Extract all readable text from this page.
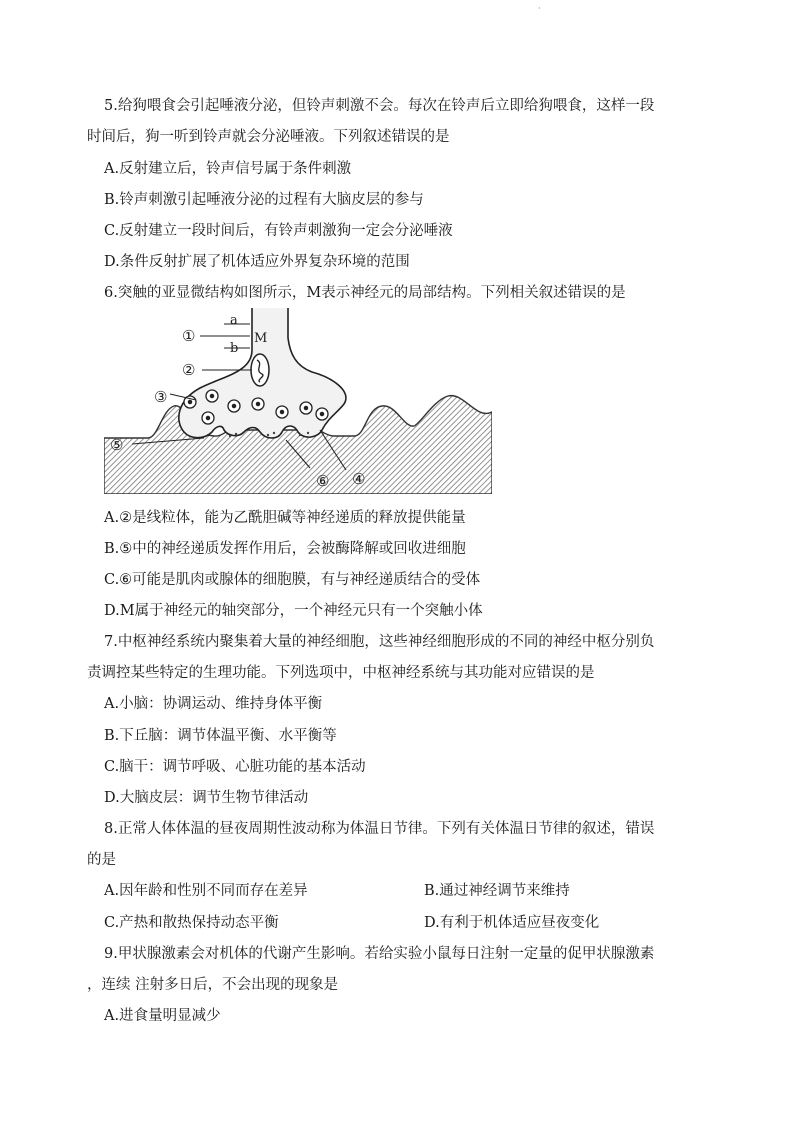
·
5.给狗喂食会引起唾液分泌，但铃声刺激不会。每次在铃声后立即给狗喂食，这样一段
时间后，狗一听到铃声就会分泌唾液。下列叙述错误的是
A.反射建立后，铃声信号属于条件刺激
B.铃声刺激引起唾液分泌的过程有大脑皮层的参与
C.反射建立一段时间后，有铃声刺激狗一定会分泌唾液
D.条件反射扩展了机体适应外界复杂环境的范围
6.突触的亚显微结构如图所示，M表示神经元的局部结构。下列相关叙述错误的是
①
②
③
⑤
⑥ ④
a
b
M
A.②是线粒体，能为乙酰胆碱等神经递质的释放提供能量
B.⑤中的神经递质发挥作用后，会被酶降解或回收进细胞
C.⑥可能是肌肉或腺体的细胞膜，有与神经递质结合的受体
D.M属于神经元的轴突部分，一个神经元只有一个突触小体
7.中枢神经系统内聚集着大量的神经细胞，这些神经细胞形成的不同的神经中枢分别负
责调控某些特定的生理功能。下列选项中，中枢神经系统与其功能对应错误的是
A.小脑：协调运动、维持身体平衡
B.下丘脑：调节体温平衡、水平衡等
C.脑干：调节呼吸、心脏功能的基本活动
D.大脑皮层：调节生物节律活动
8.正常人体体温的昼夜周期性波动称为体温日节律。下列有关体温日节律的叙述，错误
的是
A.因年龄和性别不同而存在差异	B.通过神经调节来维持
C.产热和散热保持动态平衡	D.有利于机体适应昼夜变化
9.甲状腺激素会对机体的代谢产生影响。若给实验小鼠每日注射一定量的促甲状腺激素
，连续 注射多日后，不会出现的现象是
A.进食量明显减少
